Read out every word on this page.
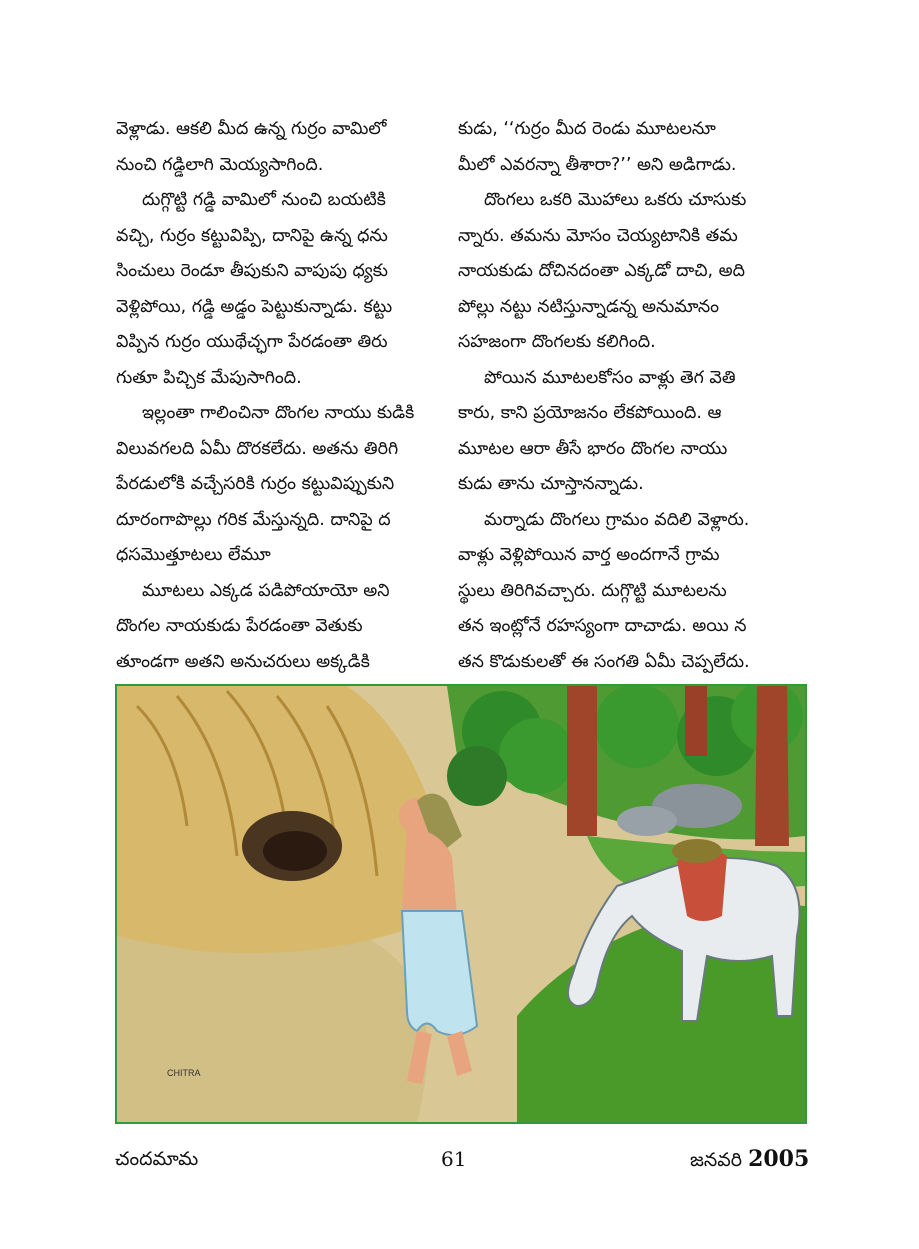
వెళ్లాడు. ఆకలి మీద ఉన్న గుర్రం వామిలో
నుంచి గడ్డిలాగి మెయ్యసాగింది.
దుగ్గొట్టి గడ్డి వామిలో నుంచి బయటికి
వచ్చి, గుర్రం కట్టువిప్పి, దానిపై ఉన్న ధను
సించులు రెండూ తీపుకుని వాపుపు ధ్యకు
వెళ్లిపోయి, గడ్డి అడ్డం పెట్టుకున్నాడు. కట్టు
విప్పిన గుర్రం యుథేచ్ఛగా పేరడంతా తిరు
గుతూ పిచ్చిక మేపుసాగింది.
ఇల్లంతా గాలించినా దొంగల నాయు కుడికి
విలువగలది ఏమీ దొరకలేదు. అతను తిరిగి
పేరడులోకి వచ్చేసరికి గుర్రం కట్టువిప్పుకుని
దూరంగాపొల్లు గరిక మేస్తున్నది. దానిపై ద
ధసమొత్తూటలు లేమూ
మూటలు ఎక్కడ పడిపోయాయో అని
దొంగల నాయకుడు పేరడంతా వెతుకు
తూండగా అతని అనుచరులు అక్కడికి
కుడు, ‘‘గుర్రం మీద రెండు మూటలనూ
మీలో ఎవరన్నా తీశారా?’’ అని అడిగాడు.
దొంగలు ఒకరి మొహాలు ఒకరు చూసుకు
న్నారు. తమను మోసం చెయ్యటానికి తమ
నాయకుడు దోచినదంతా ఎక్కడో దాచి, అది
పోల్లు నట్టు నటిస్తున్నాడన్న అనుమానం
సహజంగా దొంగలకు కలిగింది.
పోయిన మూటలకోసం వాళ్లు తెగ వెతి
కారు, కాని ప్రయోజనం లేకపోయింది. ఆ
మూటల ఆరా తీసే భారం దొంగల నాయు
కుడు తాను చూస్తానన్నాడు.
మర్నాడు దొంగలు గ్రామం వదిలి వెళ్లారు.
వాళ్లు వెళ్లిపోయిన వార్త అందగానే గ్రామ
స్థులు తిరిగివచ్చారు. దుగ్గొట్టి మూటలను
తన ఇంట్లోనే రహస్యంగా దాచాడు. అయి న
తన కొడుకులతో ఈ సంగతి ఏమీ చెప్పలేదు.
CHITRA
చందమామ	61	జనవరి 2005
